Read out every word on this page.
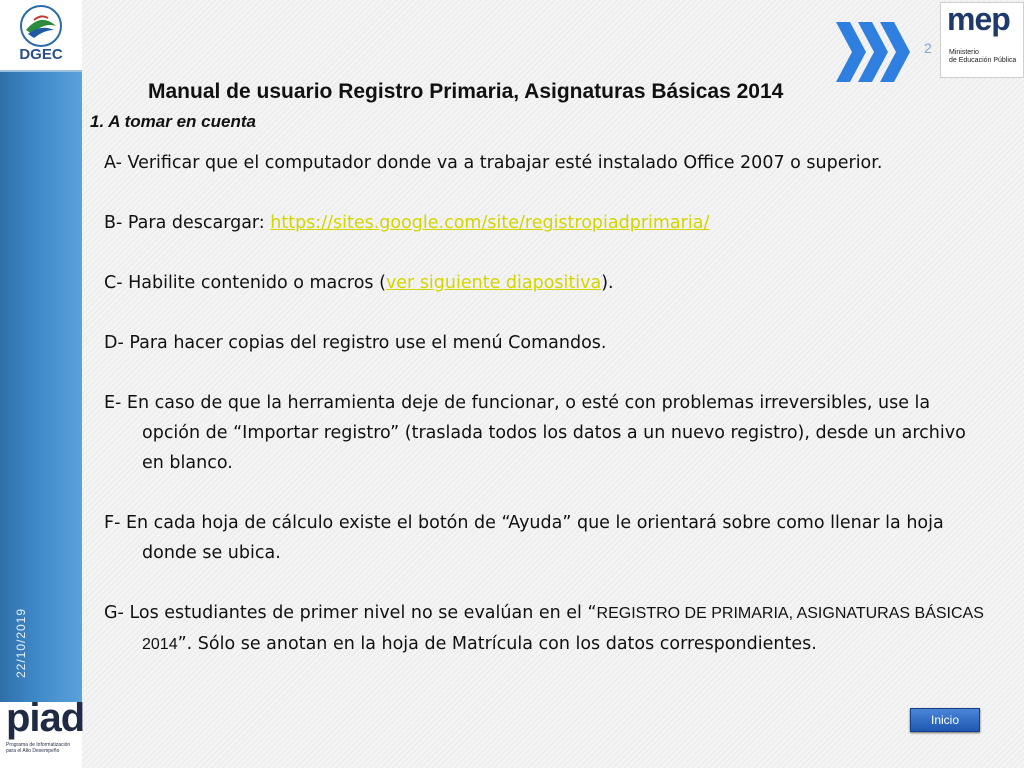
DGEC
22/10/2019
piad
Programa de Informatización para el Alto Desempeño
2
mep
Ministerio
de Educación Pública
Manual de usuario Registro Primaria, Asignaturas Básicas 2014
1. A tomar en cuenta
A- Verificar que el computador donde va a trabajar esté instalado Office 2007 o superior.
B- Para descargar: https://sites.google.com/site/registropiadprimaria/
C- Habilite contenido o macros (ver siguiente diapositiva).
D- Para hacer copias del registro use el menú Comandos.
E- En caso de que la herramienta deje de funcionar, o esté con problemas irreversibles, use la opción de “Importar registro” (traslada todos los datos a un nuevo registro), desde un archivo en blanco.
F- En cada hoja de cálculo existe el botón de “Ayuda” que le orientará sobre como llenar la hoja donde se ubica.
G- Los estudiantes de primer nivel no se evalúan en el “REGISTRO DE PRIMARIA, ASIGNATURAS BÁSICAS 2014”. Sólo se anotan en la hoja de Matrícula con los datos correspondientes.
Inicio
